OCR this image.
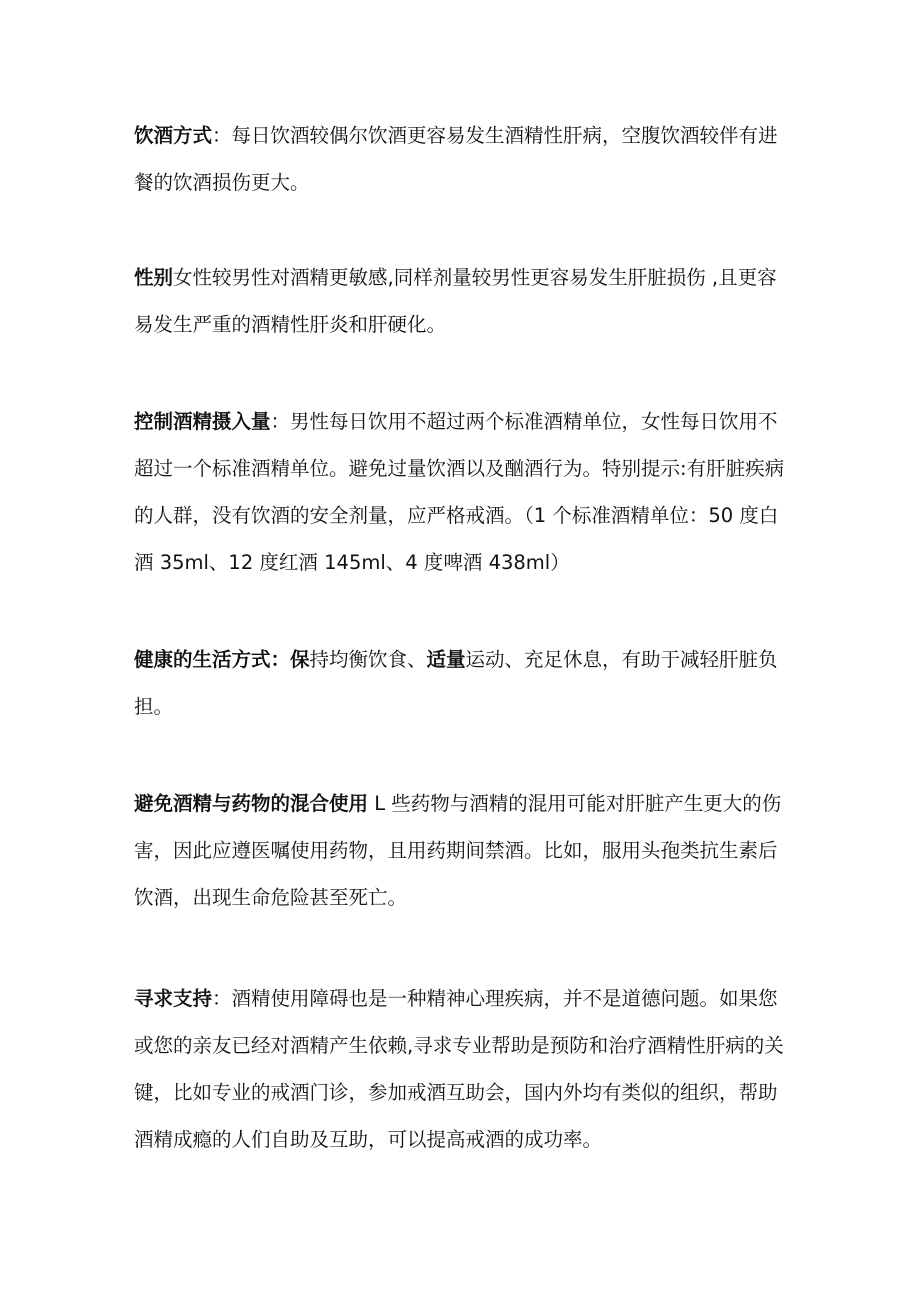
饮酒方式：每日饮酒较偶尔饮酒更容易发生酒精性肝病，空腹饮酒较伴有进餐的饮酒损伤更大。

性别女性较男性对酒精更敏感,同样剂量较男性更容易发生肝脏损伤 ,且更容易发生严重的酒精性肝炎和肝硬化。

控制酒精摄入量：男性每日饮用不超过两个标准酒精单位，女性每日饮用不超过一个标准酒精单位。避免过量饮酒以及酗酒行为。特别提示:有肝脏疾病的人群，没有饮酒的安全剂量，应严格戒酒。（1 个标准酒精单位：50 度白酒 35ml、12 度红酒 145ml、4 度啤酒 438ml）

健康的生活方式：保持均衡饮食、适量运动、充足休息，有助于减轻肝脏负担。

避免酒精与药物的混合使用 L 些药物与酒精的混用可能对肝脏产生更大的伤害，因此应遵医嘱使用药物，且用药期间禁酒。比如，服用头孢类抗生素后饮酒，出现生命危险甚至死亡。

寻求支持：酒精使用障碍也是一种精神心理疾病，并不是道德问题。如果您或您的亲友已经对酒精产生依赖,寻求专业帮助是预防和治疗酒精性肝病的关键，比如专业的戒酒门诊，参加戒酒互助会，国内外均有类似的组织，帮助酒精成瘾的人们自助及互助，可以提高戒酒的成功率。
